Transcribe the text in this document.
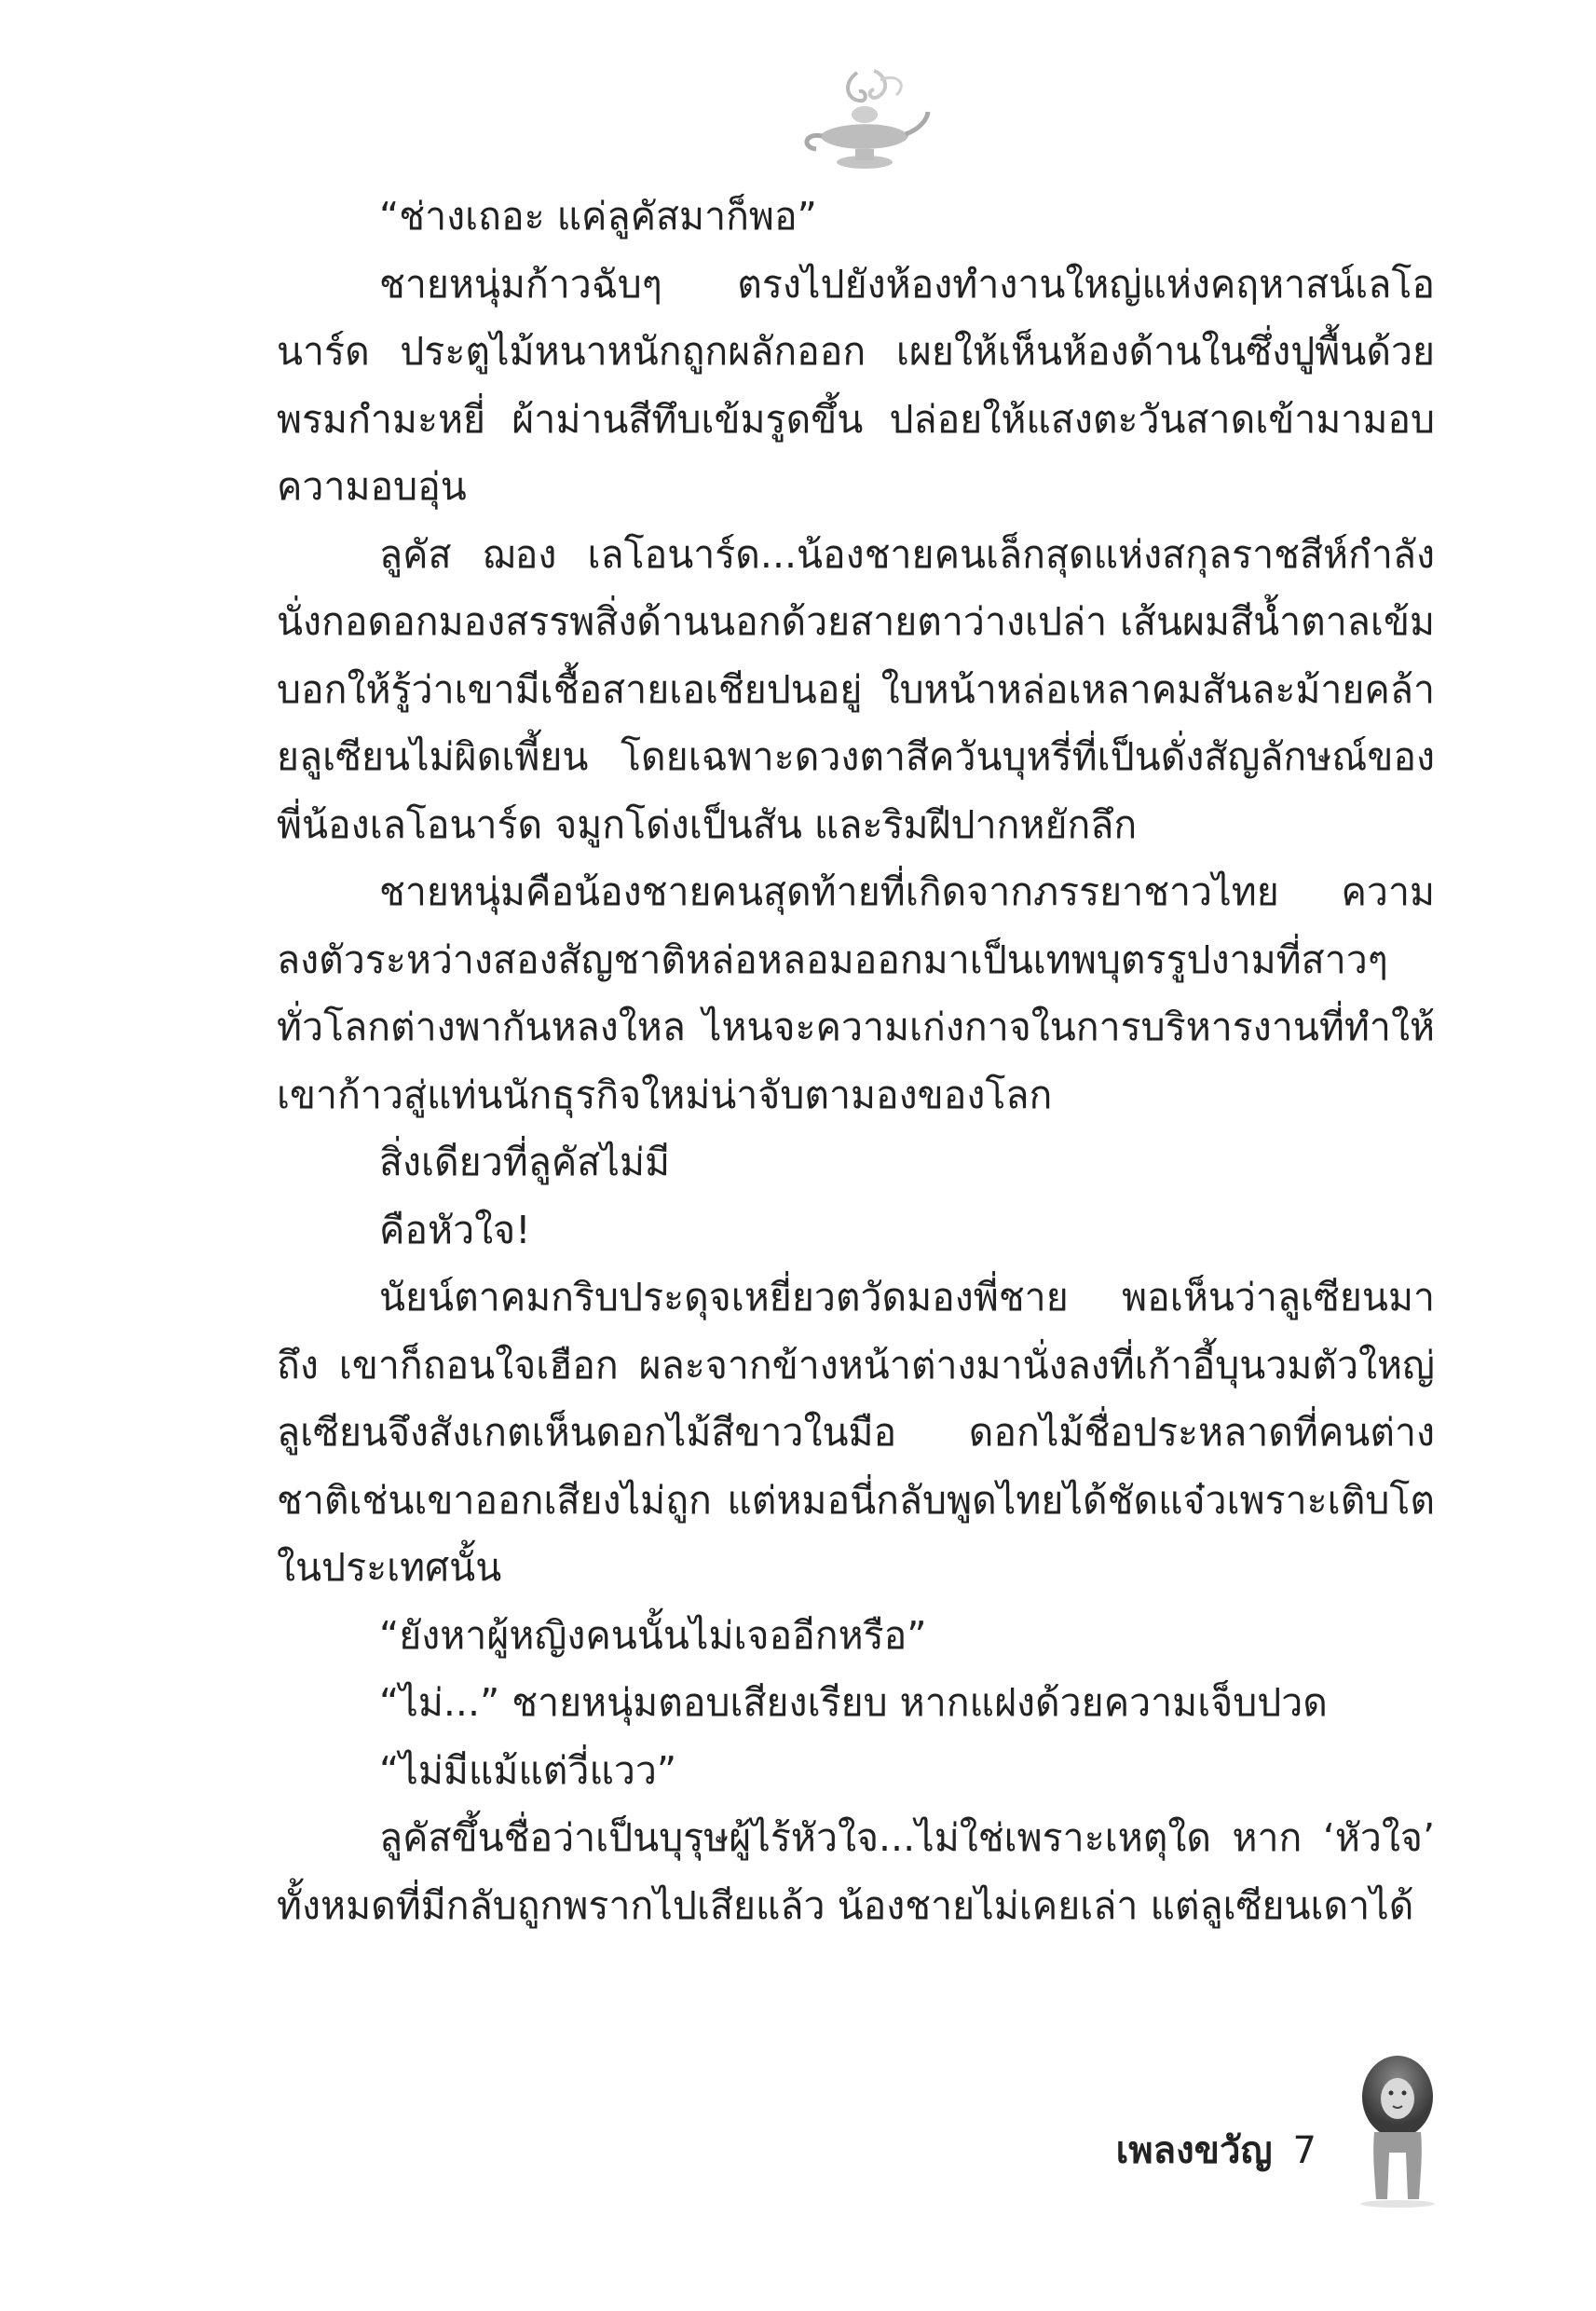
“ช่างเถอะ แค่ลูคัสมาก็พอ”

ชายหนุ่มก้าวฉับๆ ตรงไปยังห้องทำงานใหญ่แห่งคฤหาสน์เลโอนาร์ด ประตูไม้หนาหนักถูกผลักออก เผยให้เห็นห้องด้านในซึ่งปูพื้นด้วยพรมกำมะหยี่ ผ้าม่านสีทึบเข้มรูดขึ้น ปล่อยให้แสงตะวันสาดเข้ามามอบความอบอุ่น

ลูคัส ฌอง เลโอนาร์ด...น้องชายคนเล็กสุดแห่งสกุลราชสีห์กำลังนั่งกอดอกมองสรรพสิ่งด้านนอกด้วยสายตาว่างเปล่า เส้นผมสีน้ำตาลเข้มบอกให้รู้ว่าเขามีเชื้อสายเอเชียปนอยู่ ใบหน้าหล่อเหลาคมสันละม้ายคล้ายลูเซียนไม่ผิดเพี้ยน โดยเฉพาะดวงตาสีควันบุหรี่ที่เป็นดั่งสัญลักษณ์ของพี่น้องเลโอนาร์ด จมูกโด่งเป็นสัน และริมฝีปากหยักลึก

ชายหนุ่มคือน้องชายคนสุดท้ายที่เกิดจากภรรยาชาวไทย ความลงตัวระหว่างสองสัญชาติหล่อหลอมออกมาเป็นเทพบุตรรูปงามที่สาวๆ ทั่วโลกต่างพากันหลงใหล ไหนจะความเก่งกาจในการบริหารงานที่ทำให้เขาก้าวสู่แท่นนักธุรกิจใหม่น่าจับตามองของโลก

สิ่งเดียวที่ลูคัสไม่มี

คือหัวใจ!

นัยน์ตาคมกริบประดุจเหยี่ยวตวัดมองพี่ชาย พอเห็นว่าลูเซียนมาถึง เขาก็ถอนใจเฮือก ผละจากข้างหน้าต่างมานั่งลงที่เก้าอี้บุนวมตัวใหญ่ ลูเซียนจึงสังเกตเห็นดอกไม้สีขาวในมือ ดอกไม้ชื่อประหลาดที่คนต่างชาติเช่นเขาออกเสียงไม่ถูก แต่หมอนี่กลับพูดไทยได้ชัดแจ๋วเพราะเติบโตในประเทศนั้น

“ยังหาผู้หญิงคนนั้นไม่เจออีกหรือ”

“ไม่...” ชายหนุ่มตอบเสียงเรียบ หากแฝงด้วยความเจ็บปวด

“ไม่มีแม้แต่วี่แวว”

ลูคัสขึ้นชื่อว่าเป็นบุรุษผู้ไร้หัวใจ...ไม่ใช่เพราะเหตุใด หาก ‘หัวใจ’ ทั้งหมดที่มีกลับถูกพรากไปเสียแล้ว น้องชายไม่เคยเล่า แต่ลูเซียนเดาได้

เพลงขวัญ 7
